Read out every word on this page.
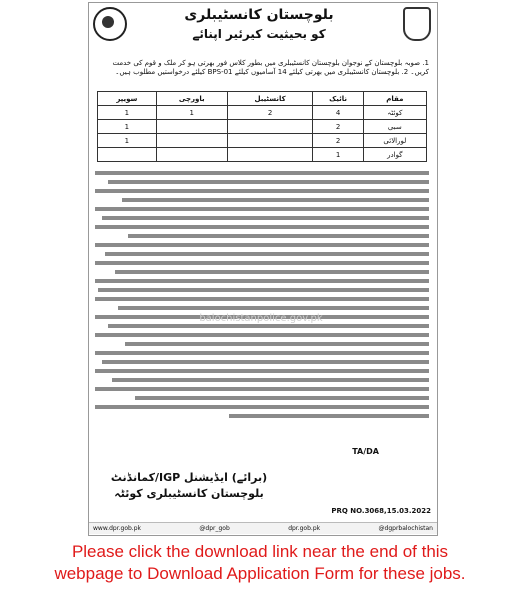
بلوچستان کانسٹیبلری
کو بحیثیت کیرئیر اپنائے
1. صوبہ بلوچستان کے نوجوان بلوچستان کانسٹیبلری میں بطور کلاس فور بھرتی ہو کر ملک و قوم کی خدمت کریں۔ 2. بلوچستان کانسٹیبلری میں بھرتی کیلئے 14 آسامیوں کیلئے BPS-01 کیلئے درخواستیں مطلوب ہیں۔
مقام	نائیک	کانسٹیبل	باورچی	سویپر
کوئٹہ	4	2	1	1
سبی	2			1
لورالائی	2			1
گوادر	1			
balochistanpolice.gov.pk
TA/DA
(برائے) ایڈیشنل IGP/کمانڈنٹ
بلوچستان کانسٹیبلری کوئٹہ
PRQ NO.3068,15.03.2022
www.dpr.gob.pk	@dpr_gob	dpr.gob.pk	@dgprbalochistan
Please click the download link near the end of this
webpage to Download Application Form for these jobs.
